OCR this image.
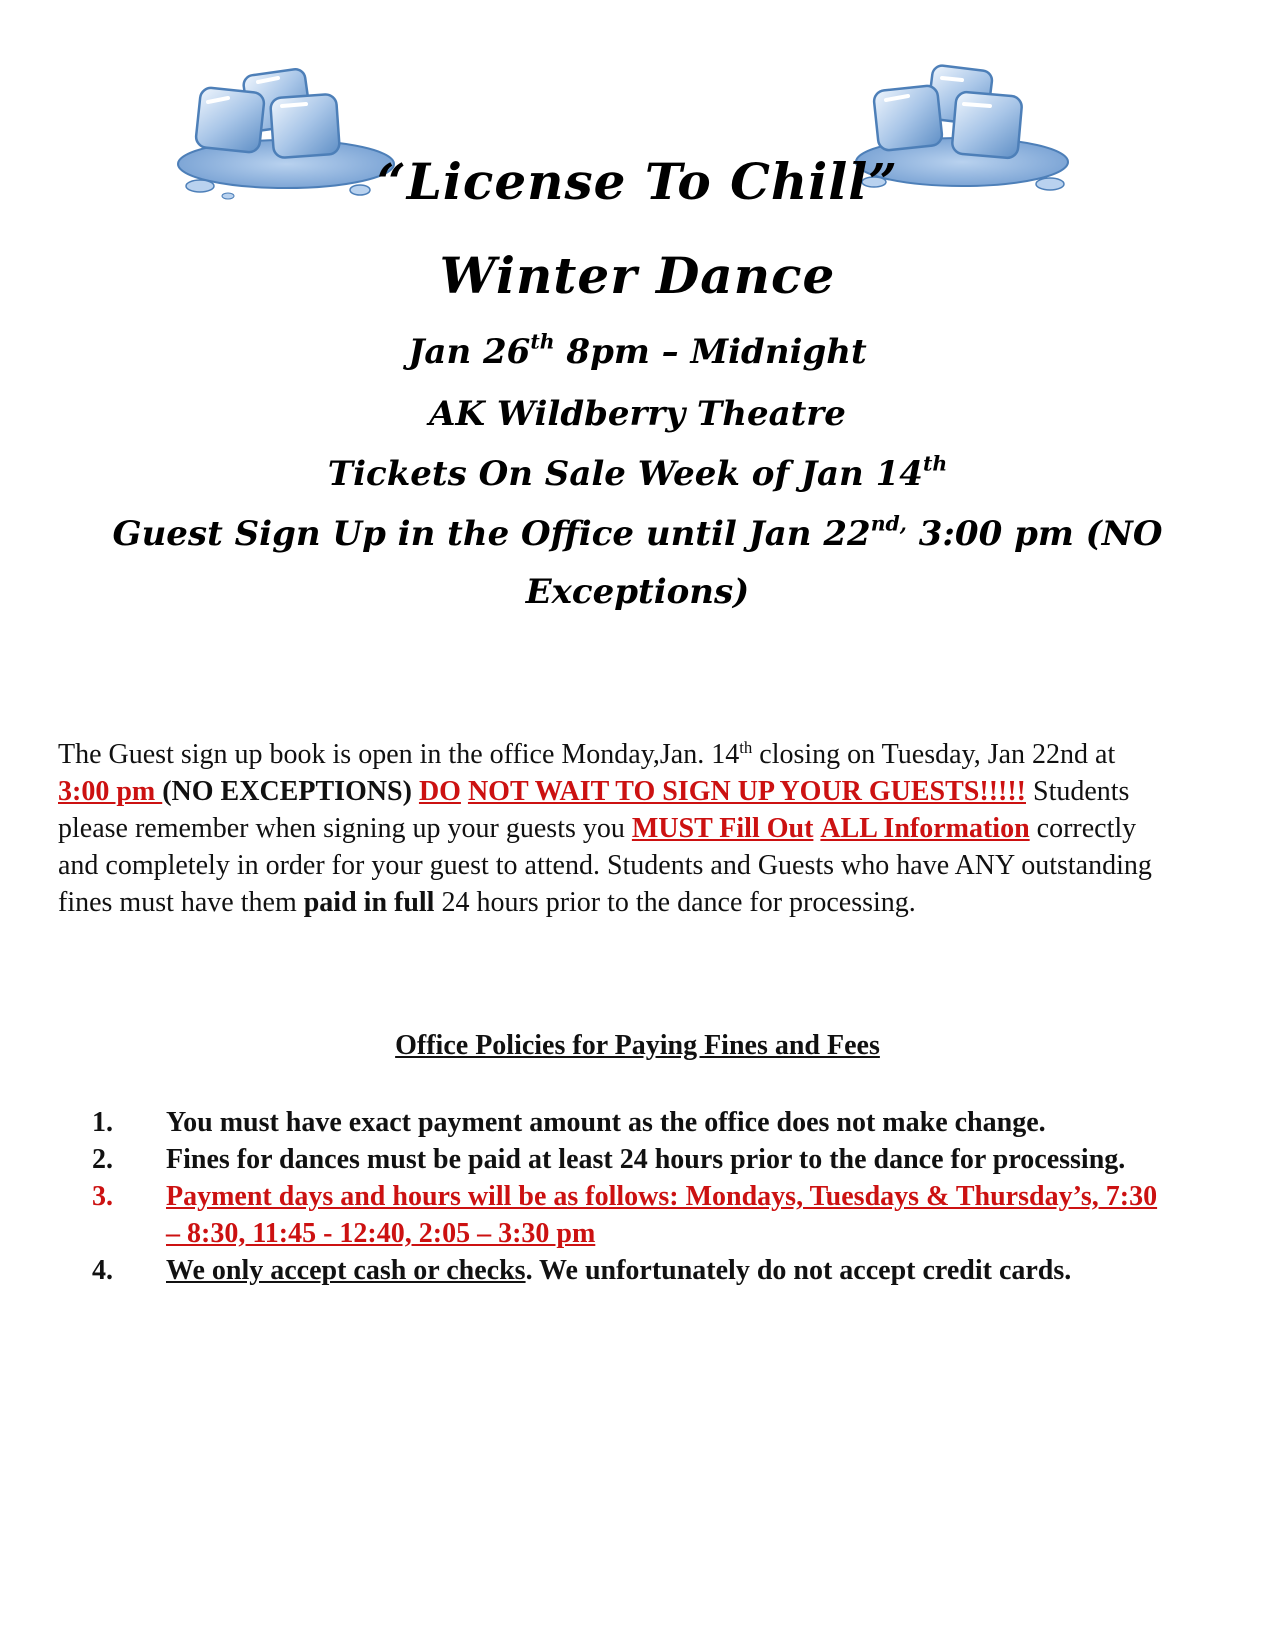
“License To Chill”
Winter Dance
Jan 26th 8pm – Midnight
AK Wildberry Theatre
Tickets On Sale Week of Jan 14th
Guest Sign Up in the Office until Jan $22^{nd,}$ 3:00 pm (NO
Exceptions)
The Guest sign up book is open in the office Monday,Jan. 14th closing on Tuesday, Jan 22nd at 3:00 pm (NO EXCEPTIONS) DO NOT WAIT TO SIGN UP YOUR GUESTS!!!!! Students please remember when signing up your guests you MUST Fill Out ALL Information correctly and completely in order for your guest to attend. Students and Guests who have ANY outstanding fines must have them paid in full 24 hours prior to the dance for processing.
Office Policies for Paying Fines and Fees
1. You must have exact payment amount as the office does not make change.
2. Fines for dances must be paid at least 24 hours prior to the dance for processing.
3. Payment days and hours will be as follows: Mondays, Tuesdays & Thursday’s, 7:30 – 8:30, 11:45 - 12:40, 2:05 – 3:30 pm
4. We only accept cash or checks. We unfortunately do not accept credit cards.
